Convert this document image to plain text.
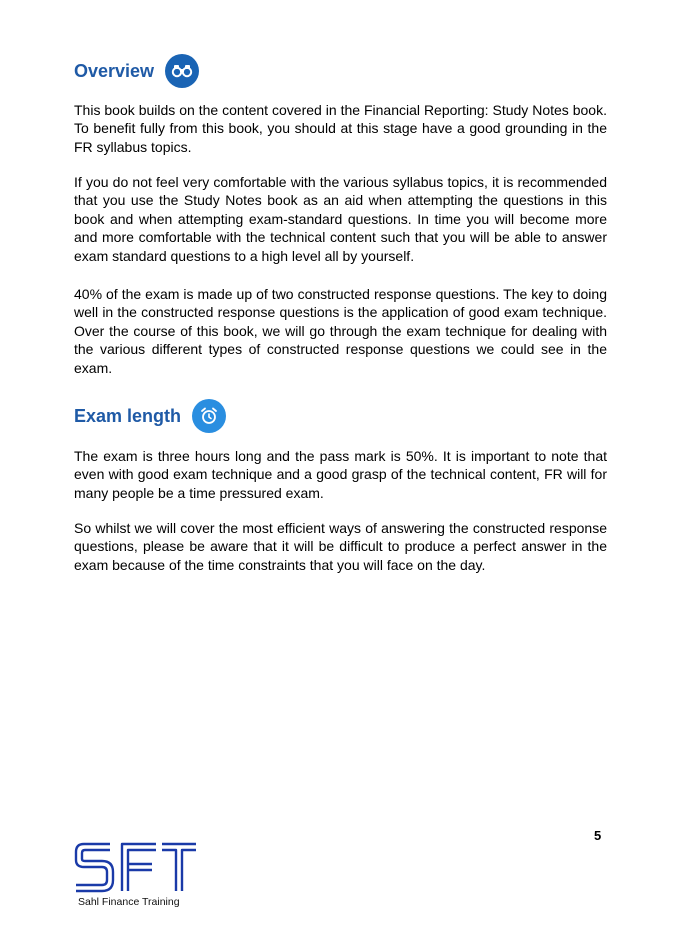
Overview

This book builds on the content covered in the Financial Reporting: Study Notes book. To benefit fully from this book, you should at this stage have a good grounding in the FR syllabus topics.

If you do not feel very comfortable with the various syllabus topics, it is recommended that you use the Study Notes book as an aid when attempting the questions in this book and when attempting exam-standard questions. In time you will become more and more comfortable with the technical content such that you will be able to answer exam standard questions to a high level all by yourself.

40% of the exam is made up of two constructed response questions. The key to doing well in the constructed response questions is the application of good exam technique. Over the course of this book, we will go through the exam technique for dealing with the various different types of constructed response questions we could see in the exam.

Exam length

The exam is three hours long and the pass mark is 50%. It is important to note that even with good exam technique and a good grasp of the technical content, FR will for many people be a time pressured exam.

So whilst we will cover the most efficient ways of answering the constructed response questions, please be aware that it will be difficult to produce a perfect answer in the exam because of the time constraints that you will face on the day.

5
Sahl Finance Training
